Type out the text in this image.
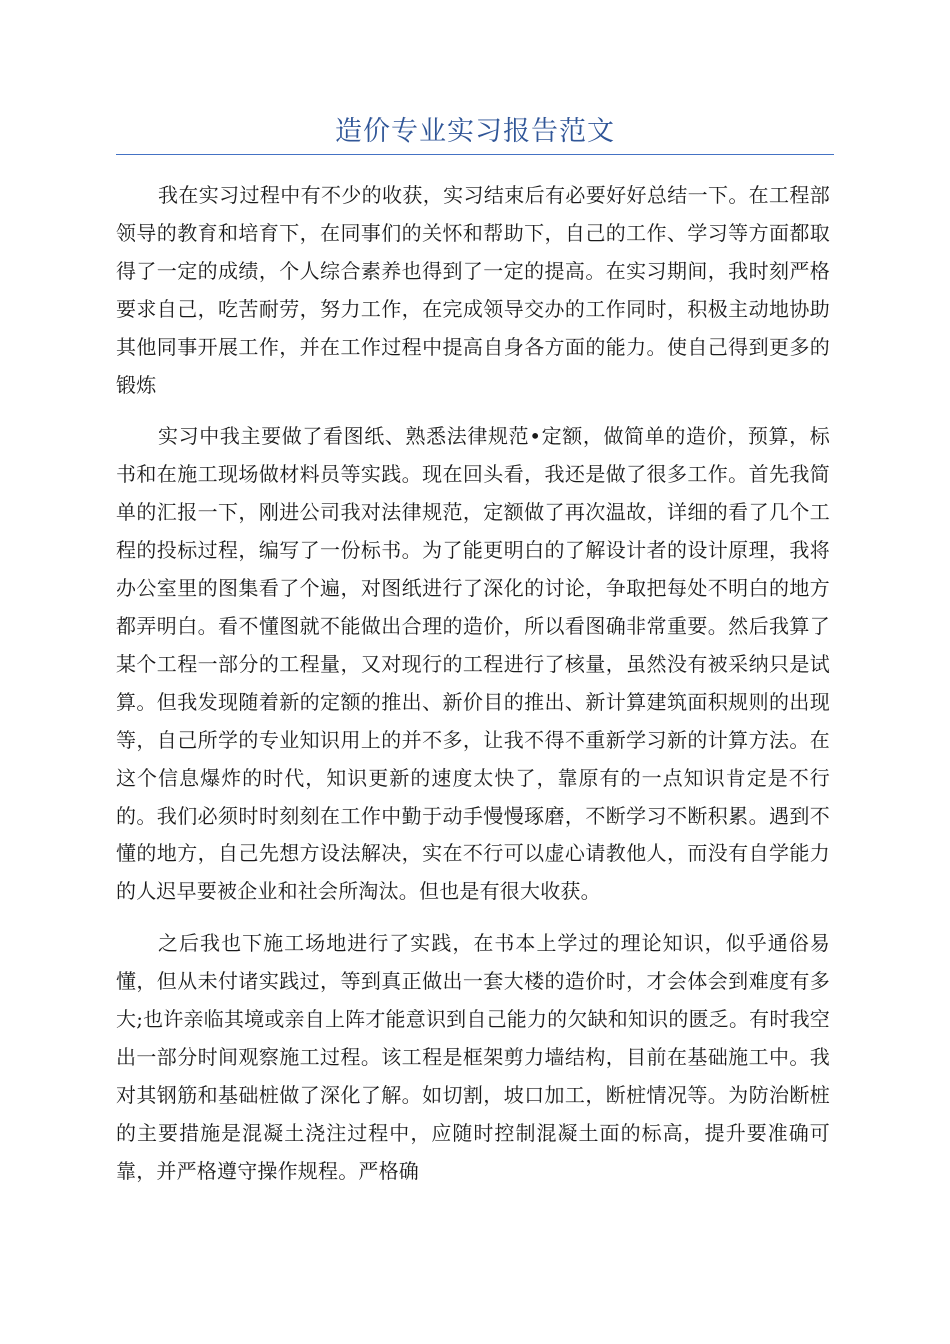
造价专业实习报告范文

我在实习过程中有不少的收获，实习结束后有必要好好总结一下。在工程部领导的教育和培育下，在同事们的关怀和帮助下，自己的工作、学习等方面都取得了一定的成绩，个人综合素养也得到了一定的提高。在实习期间，我时刻严格要求自己，吃苦耐劳，努力工作，在完成领导交办的工作同时，积极主动地协助其他同事开展工作，并在工作过程中提高自身各方面的能力。使自己得到更多的锻炼

实习中我主要做了看图纸、熟悉法律规范•定额，做简单的造价，预算，标书和在施工现场做材料员等实践。现在回头看，我还是做了很多工作。首先我简单的汇报一下，刚进公司我对法律规范，定额做了再次温故，详细的看了几个工程的投标过程，编写了一份标书。为了能更明白的了解设计者的设计原理，我将办公室里的图集看了个遍，对图纸进行了深化的讨论，争取把每处不明白的地方都弄明白。看不懂图就不能做出合理的造价，所以看图确非常重要。然后我算了某个工程一部分的工程量，又对现行的工程进行了核量，虽然没有被采纳只是试算。但我发现随着新的定额的推出、新价目的推出、新计算建筑面积规则的出现等，自己所学的专业知识用上的并不多，让我不得不重新学习新的计算方法。在这个信息爆炸的时代，知识更新的速度太快了，靠原有的一点知识肯定是不行的。我们必须时时刻刻在工作中勤于动手慢慢琢磨，不断学习不断积累。遇到不懂的地方，自己先想方设法解决，实在不行可以虚心请教他人，而没有自学能力的人迟早要被企业和社会所淘汰。但也是有很大收获。

之后我也下施工场地进行了实践，在书本上学过的理论知识，似乎通俗易懂，但从未付诸实践过，等到真正做出一套大楼的造价时，才会体会到难度有多大;也许亲临其境或亲自上阵才能意识到自己能力的欠缺和知识的匮乏。有时我空出一部分时间观察施工过程。该工程是框架剪力墙结构，目前在基础施工中。我对其钢筋和基础桩做了深化了解。如切割，坡口加工，断桩情况等。为防治断桩的主要措施是混凝土浇注过程中，应随时控制混凝土面的标高，提升要准确可靠，并严格遵守操作规程。严格确
